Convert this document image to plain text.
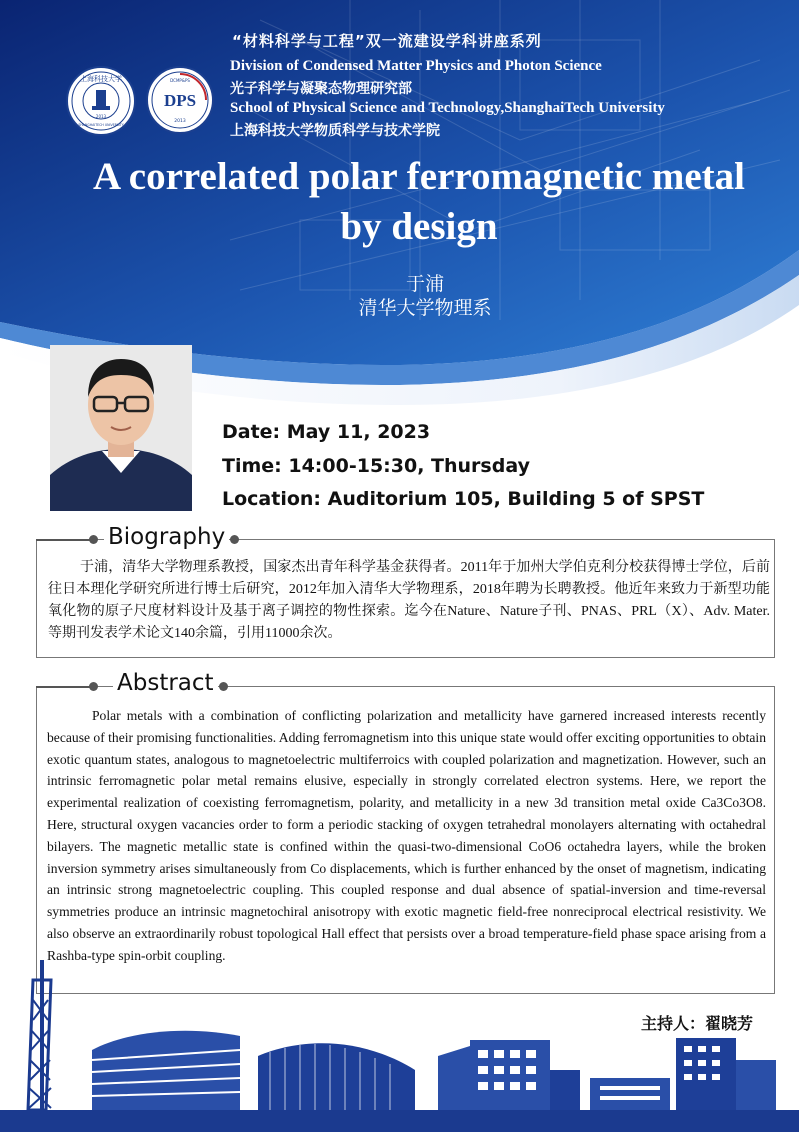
“材料科学与工程”双一流建设学科讲座系列
Division of Condensed Matter Physics and Photon Science
光子科学与凝聚态物理研究部
School of Physical Science and Technology,ShanghaiTech University
上海科技大学物质科学与技术学院
上海科技大学
2013
SHANGHAITECH UNIVERSITY
DPS
DCMP&PS
2013
A correlated polar ferromagnetic metal
by design
于浦
清华大学物理系
Date: May 11, 2023
Time: 14:00-15:30, Thursday
Location: Auditorium 105, Building 5 of SPST
Biography
于浦，清华大学物理系教授，国家杰出青年科学基金获得者。2011年于加州大学伯克利分校获得博士学位，后前往日本理化学研究所进行博士后研究，2012年加入清华大学物理系，2018年聘为长聘教授。他近年来致力于新型功能氧化物的原子尺度材料设计及基于离子调控的物性探索。迄今在Nature、Nature子刊、PNAS、PRL（X）、Adv. Mater.等期刊发表学术论文140余篇，引用11000余次。
Abstract
Polar metals with a combination of conflicting polarization and metallicity have garnered increased interests recently because of their promising functionalities. Adding ferromagnetism into this unique state would offer exciting opportunities to obtain exotic quantum states, analogous to magnetoelectric multiferroics with coupled polarization and magnetization. However, such an intrinsic ferromagnetic polar metal remains elusive, especially in strongly correlated electron systems. Here, we report the experimental realization of coexisting ferromagnetism, polarity, and metallicity in a new 3d transition metal oxide Ca3Co3O8. Here, structural oxygen vacancies order to form a periodic stacking of oxygen tetrahedral monolayers alternating with octahedral bilayers. The magnetic metallic state is confined within the quasi-two-dimensional CoO6 octahedra layers, while the broken inversion symmetry arises simultaneously from Co displacements, which is further enhanced by the onset of magnetism, indicating an intrinsic strong magnetoelectric coupling. This coupled response and dual absence of spatial-inversion and time-reversal symmetries produce an intrinsic magnetochiral anisotropy with exotic magnetic field-free nonreciprocal electrical resistivity. We also observe an extraordinarily robust topological Hall effect that persists over a broad temperature-field phase space arising from a Rashba-type spin-orbit coupling.
主持人：翟晓芳
